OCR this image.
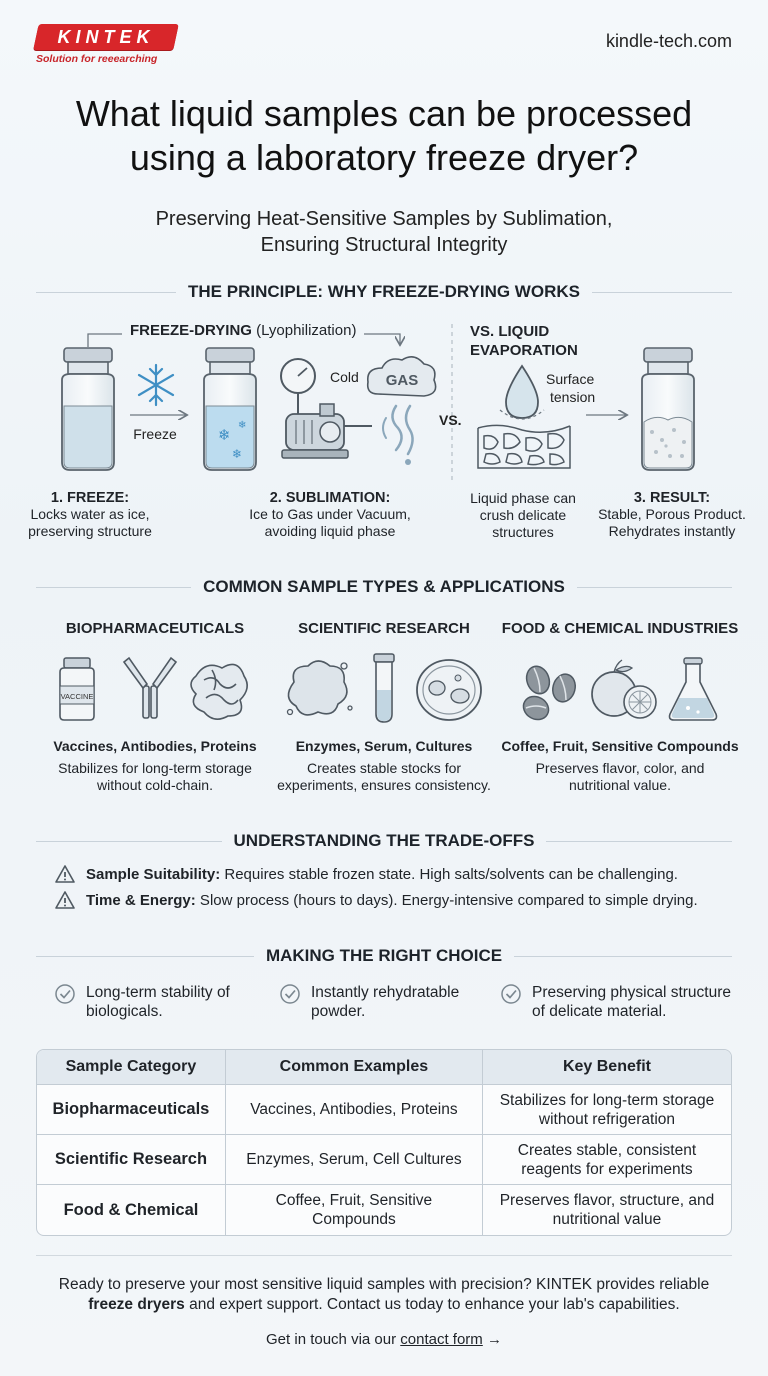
KINTEK
Solution for reeearching
kindle-tech.com
What liquid samples can be processed
using a laboratory freeze dryer?
Preserving Heat-Sensitive Samples by Sublimation,
Ensuring Structural Integrity
THE PRINCIPLE: WHY FREEZE-DRYING WORKS
Freeze	❄
❄
❄
Cold GAS
VS.
Surface
tension
FREEZE-DRYING (Lyophilization)	VS. LIQUID
EVAPORATION
1. FREEZE:
Locks water as ice,
preserving structure
2. SUBLIMATION:
Ice to Gas under Vacuum,
avoiding liquid phase
Liquid phase can
crush delicate
structures
3. RESULT:
Stable, Porous Product.
Rehydrates instantly
COMMON SAMPLE TYPES & APPLICATIONS
BIOPHARMACEUTICALS	SCIENTIFIC RESEARCH	FOOD & CHEMICAL INDUSTRIES
VACCINE
Vaccines, Antibodies, Proteins
Stabilizes for long-term storage
without cold-chain.
Enzymes, Serum, Cultures
Creates stable stocks for
experiments, ensures consistency.
Coffee, Fruit, Sensitive Compounds
Preserves flavor, color, and
nutritional value.
UNDERSTANDING THE TRADE-OFFS
Sample Suitability: Requires stable frozen state. High salts/solvents can be challenging.
Time & Energy: Slow process (hours to days). Energy-intensive compared to simple drying.
MAKING THE RIGHT CHOICE
Long-term stability of
biologicals.
Instantly rehydratable
powder.
Preserving physical structure
of delicate material.
Sample Category	Common Examples	Key Benefit
Biopharmaceuticals	Vaccines, Antibodies, Proteins	Stabilizes for long-term storage
without refrigeration

Scientific Research	Enzymes, Serum, Cell Cultures	Creates stable, consistent
reagents for experiments

Food & Chemical	Coffee, Fruit, Sensitive Compounds	Preserves flavor, structure, and
nutritional value
Ready to preserve your most sensitive liquid samples with precision? KINTEK provides reliable
freeze dryers and expert support. Contact us today to enhance your lab's capabilities.
Get in touch via our contact form →
